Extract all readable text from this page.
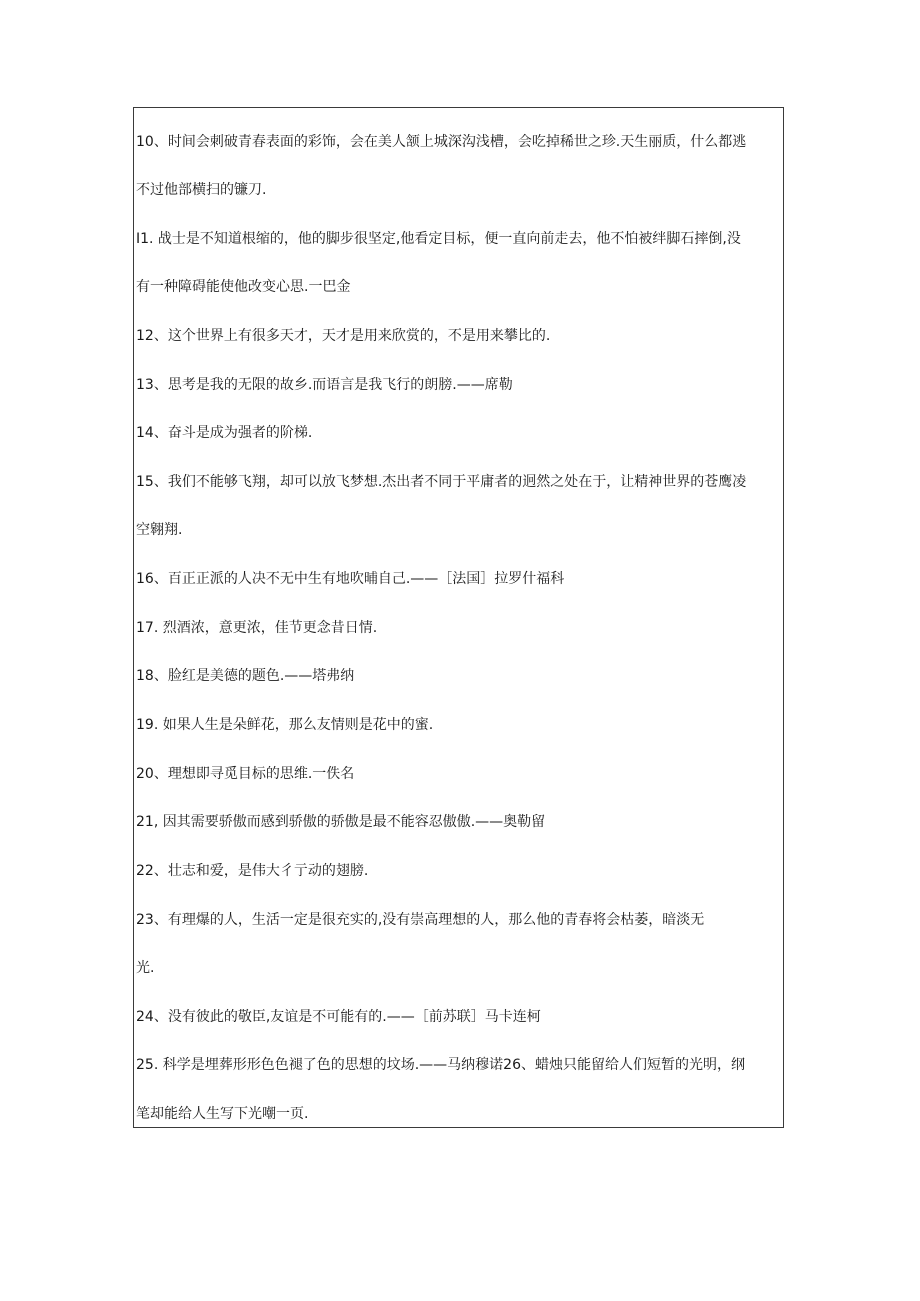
10、时间会刺破青春表面的彩饰，会在美人颔上城深沟浅槽，会吃掉稀世之珍.天生丽质，什么都逃
不过他部横扫的镰刀.
I1. 战士是不知道根缩的，他的脚步很坚定,他看定目标，便一直向前走去，他不怕被绊脚石摔倒,没
有一种障碍能使他改变心思.一巴金
12、这个世界上有很多天才，天才是用来欣赏的，不是用来攀比的.
13、思考是我的无限的故乡.而语言是我飞行的朗膀.——席勒
14、奋斗是成为强者的阶梯.
15、我们不能够飞翔，却可以放飞梦想.杰出者不同于平庸者的迥然之处在于，让精神世界的苍鹰凌
空翱翔.
16、百正正派的人决不无中生有地吹晡自己.——［法国］拉罗什福科
17. 烈酒浓，意更浓，佳节更念昔日情.
18、脸红是美德的题色.——塔弗纳
19. 如果人生是朵鲜花，那么友情则是花中的蜜.
20、理想即寻觅目标的思维.一佚名
21, 因其需要骄傲而感到骄傲的骄傲是最不能容忍傲傲.——奥勒留
22、壮志和爱，是伟大彳亍动的翅膀.
23、有理爆的人，生活一定是很充实的,没有崇高理想的人，那么他的青春将会枯萎，暗淡无
光.
24、没有彼此的敬臣,友谊是不可能有的.——［前苏联］马卡连柯
25. 科学是埋葬形形色色褪了色的思想的坟场.——马纳穆诺26、蜡烛只能留给人们短暂的光明，纲
笔却能给人生写下光嘲一页.
